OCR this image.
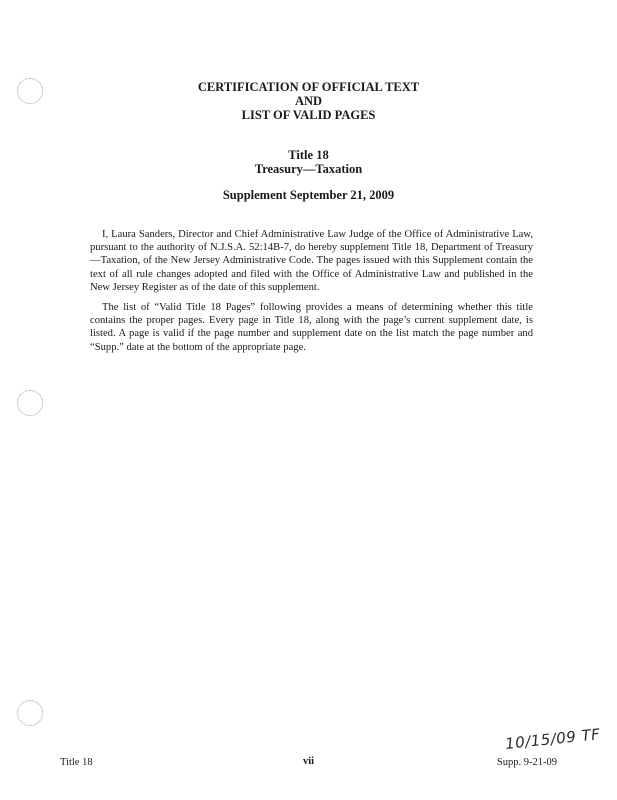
CERTIFICATION OF OFFICIAL TEXT
AND
LIST OF VALID PAGES
Title 18
Treasury—Taxation
Supplement September 21, 2009

I, Laura Sanders, Director and Chief Administrative Law Judge of the Office of Administrative Law, pursuant to the authority of N.J.S.A. 52:14B-7, do hereby supplement Title 18, Department of Treasury—Taxation, of the New Jersey Administrative Code. The pages issued with this Supplement contain the text of all rule changes adopted and filed with the Office of Administrative Law and published in the New Jersey Register as of the date of this supplement.

The list of “Valid Title 18 Pages” following provides a means of determining whether this title contains the proper pages. Every page in Title 18, along with the page’s current supplement date, is listed. A page is valid if the page number and supplement date on the list match the page number and “Supp.” date at the bottom of the appropriate page.

10/15/09 TF
Title 18	vii	Supp. 9-21-09
